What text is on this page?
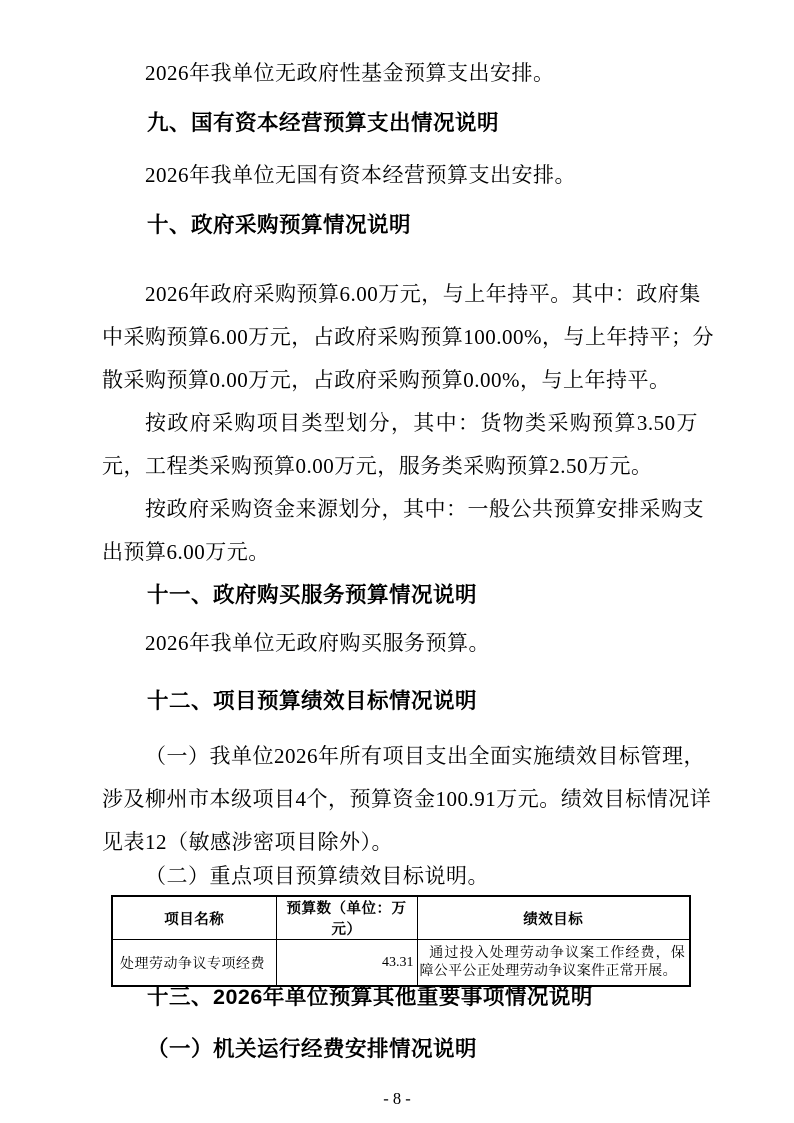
2026年我单位无政府性基金预算支出安排。
九、国有资本经营预算支出情况说明
2026年我单位无国有资本经营预算支出安排。
十、政府采购预算情况说明
2026年政府采购预算6.00万元，与上年持平。其中：政府集
中采购预算6.00万元，占政府采购预算100.00%，与上年持平；分
散采购预算0.00万元，占政府采购预算0.00%，与上年持平。
按政府采购项目类型划分，其中：货物类采购预算3.50万
元，工程类采购预算0.00万元，服务类采购预算2.50万元。
按政府采购资金来源划分，其中：一般公共预算安排采购支
出预算6.00万元。
十一、政府购买服务预算情况说明
2026年我单位无政府购买服务预算。
十二、项目预算绩效目标情况说明
（一）我单位2026年所有项目支出全面实施绩效目标管理，
涉及柳州市本级项目4个，预算资金100.91万元。绩效目标情况详
见表12（敏感涉密项目除外）。
（二）重点项目预算绩效目标说明。
项目名称	预算数（单位：万元）	绩效目标
处理劳动争议专项经费	43.31	通过投入处理劳动争议案工作经费，保障公平公正处理劳动争议案件正常开展。
十三、2026年单位预算其他重要事项情况说明
（一）机关运行经费安排情况说明
- 8 -
